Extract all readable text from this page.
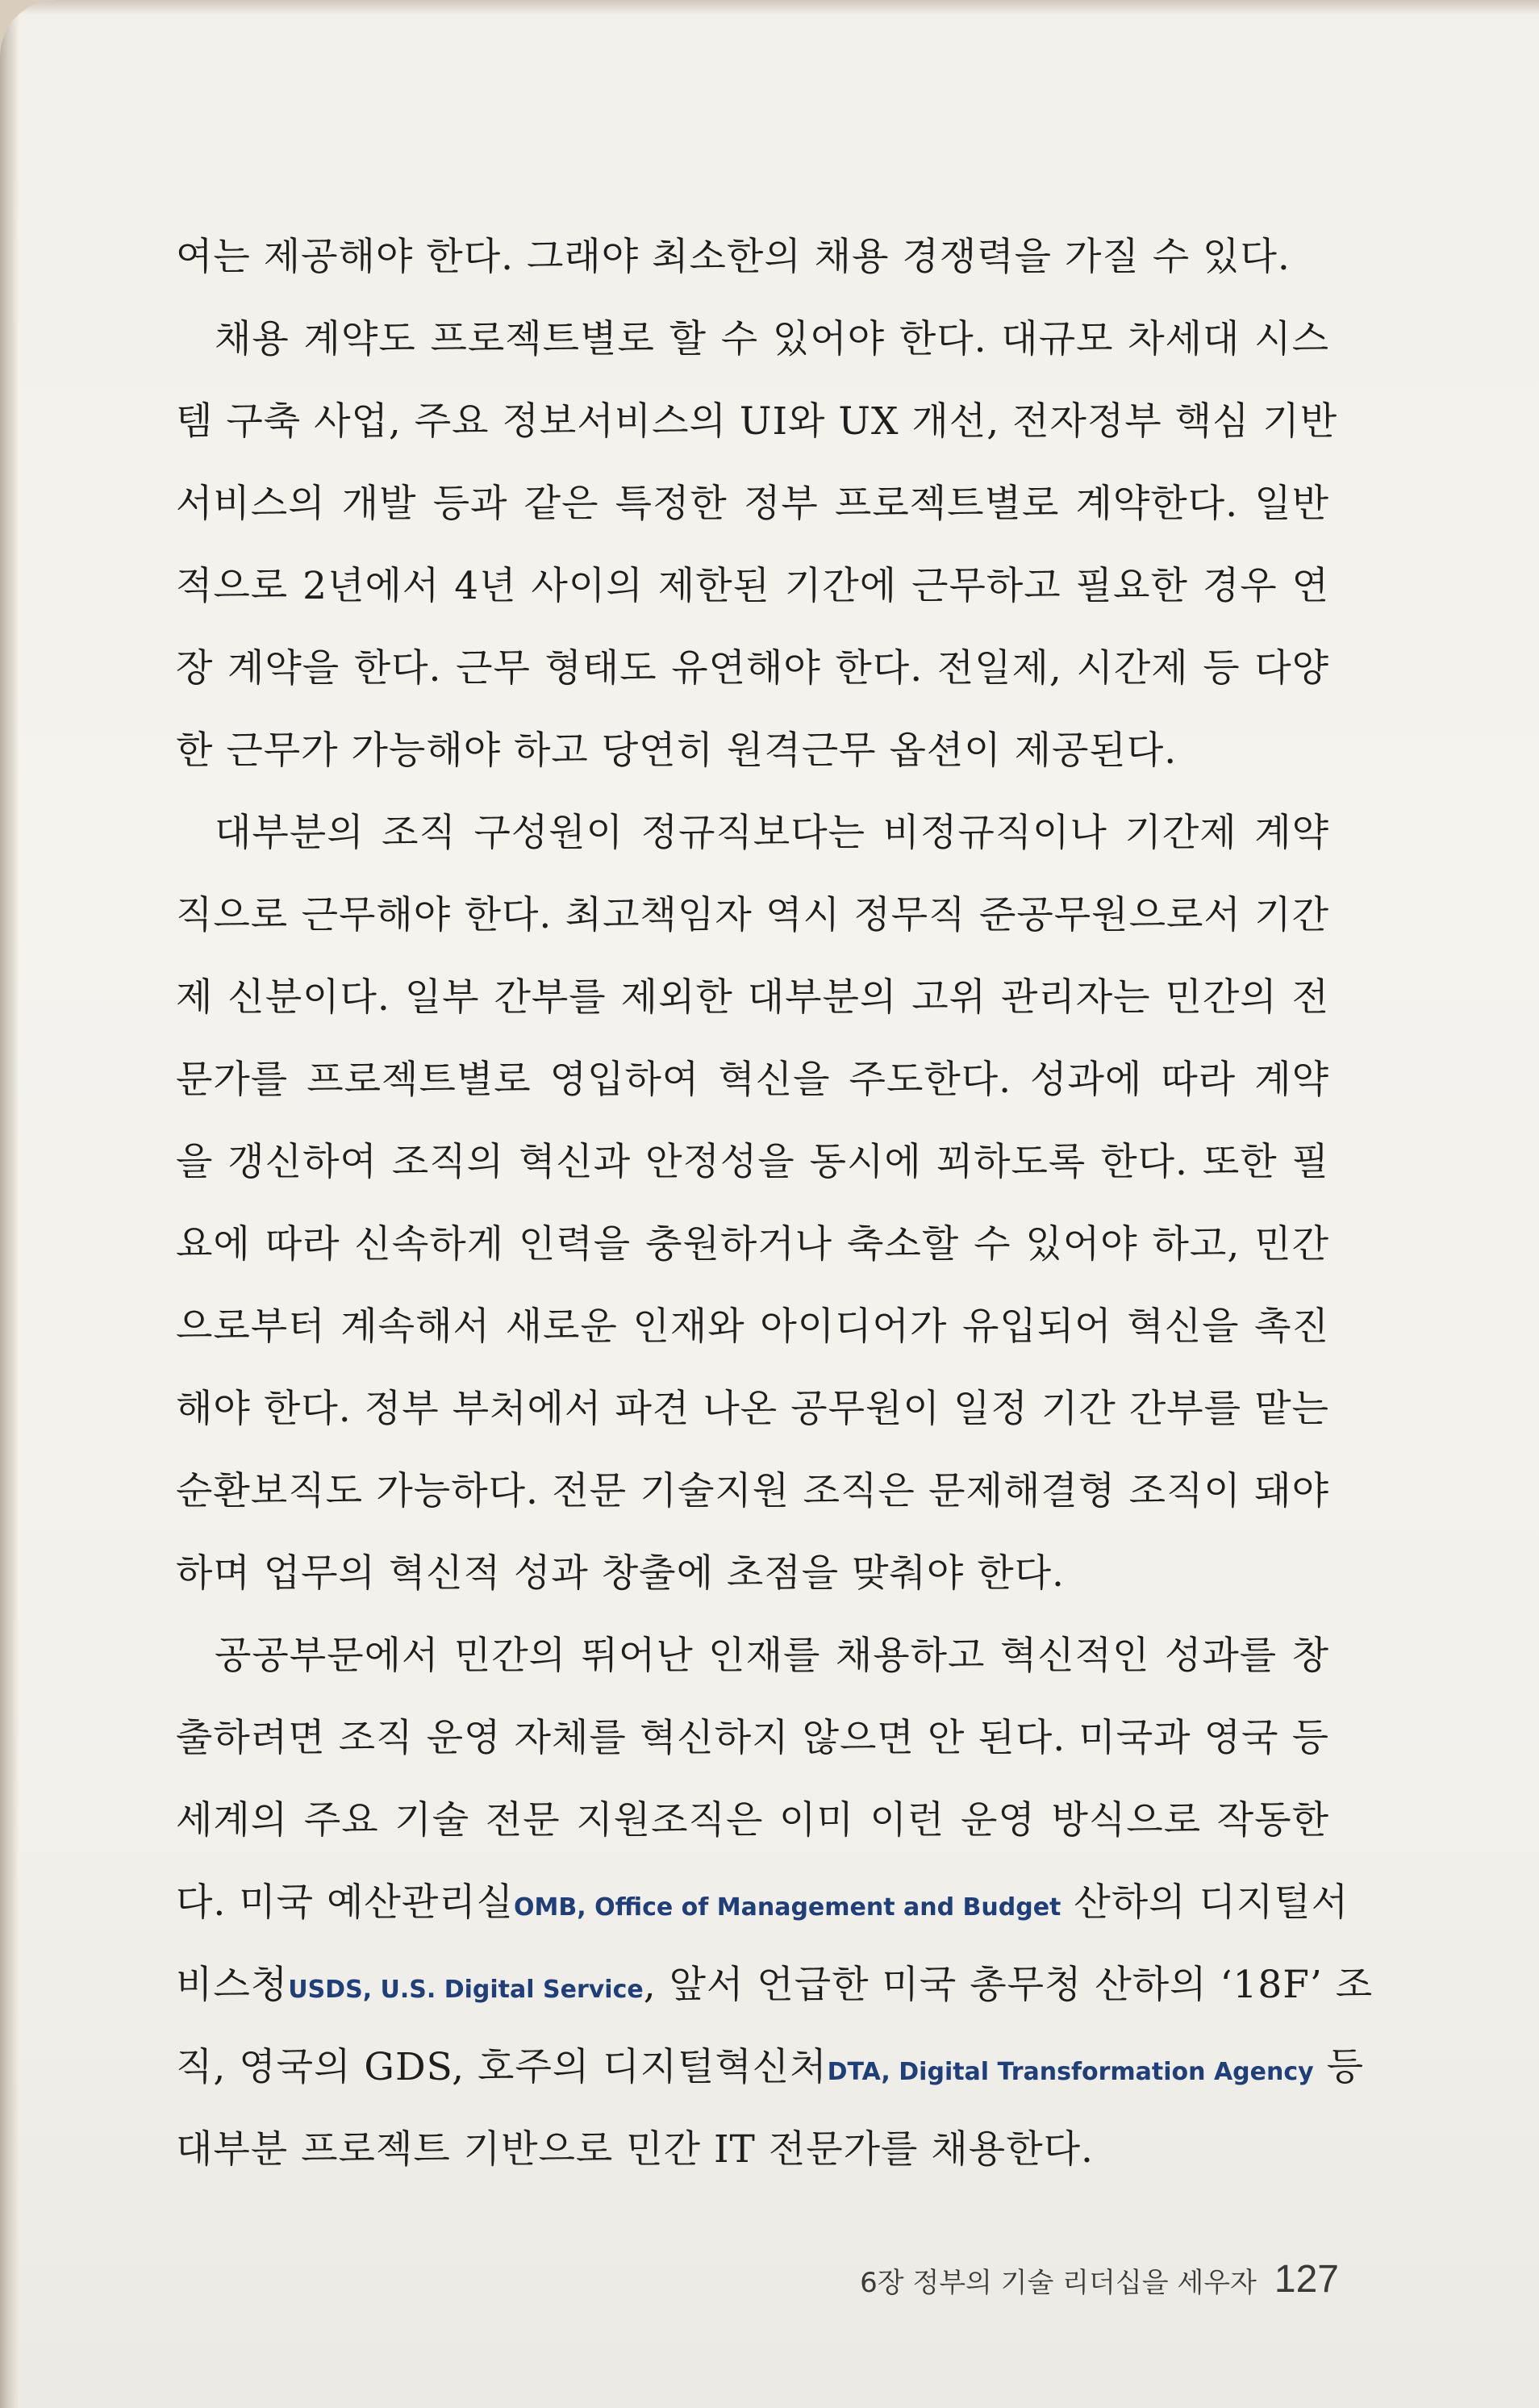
여는 제공해야 한다. 그래야 최소한의 채용 경쟁력을 가질 수 있다.
채용 계약도 프로젝트별로 할 수 있어야 한다. 대규모 차세대 시스
템 구축 사업, 주요 정보서비스의 UI와 UX 개선, 전자정부 핵심 기반
서비스의 개발 등과 같은 특정한 정부 프로젝트별로 계약한다. 일반
적으로 2년에서 4년 사이의 제한된 기간에 근무하고 필요한 경우 연
장 계약을 한다. 근무 형태도 유연해야 한다. 전일제, 시간제 등 다양
한 근무가 가능해야 하고 당연히 원격근무 옵션이 제공된다.
대부분의 조직 구성원이 정규직보다는 비정규직이나 기간제 계약
직으로 근무해야 한다. 최고책임자 역시 정무직 준공무원으로서 기간
제 신분이다. 일부 간부를 제외한 대부분의 고위 관리자는 민간의 전
문가를 프로젝트별로 영입하여 혁신을 주도한다. 성과에 따라 계약
을 갱신하여 조직의 혁신과 안정성을 동시에 꾀하도록 한다. 또한 필
요에 따라 신속하게 인력을 충원하거나 축소할 수 있어야 하고, 민간
으로부터 계속해서 새로운 인재와 아이디어가 유입되어 혁신을 촉진
해야 한다. 정부 부처에서 파견 나온 공무원이 일정 기간 간부를 맡는
순환보직도 가능하다. 전문 기술지원 조직은 문제해결형 조직이 돼야
하며 업무의 혁신적 성과 창출에 초점을 맞춰야 한다.
공공부문에서 민간의 뛰어난 인재를 채용하고 혁신적인 성과를 창
출하려면 조직 운영 자체를 혁신하지 않으면 안 된다. 미국과 영국 등
세계의 주요 기술 전문 지원조직은 이미 이런 운영 방식으로 작동한
다. 미국 예산관리실OMB, Office of Management and Budget 산하의 디지털서
비스청USDS, U.S. Digital Service, 앞서 언급한 미국 총무청 산하의 ‘18F’ 조
직, 영국의 GDS, 호주의 디지털혁신처DTA, Digital Transformation Agency 등
대부분 프로젝트 기반으로 민간 IT 전문가를 채용한다.
6장 정부의 기술 리더십을 세우자 127
